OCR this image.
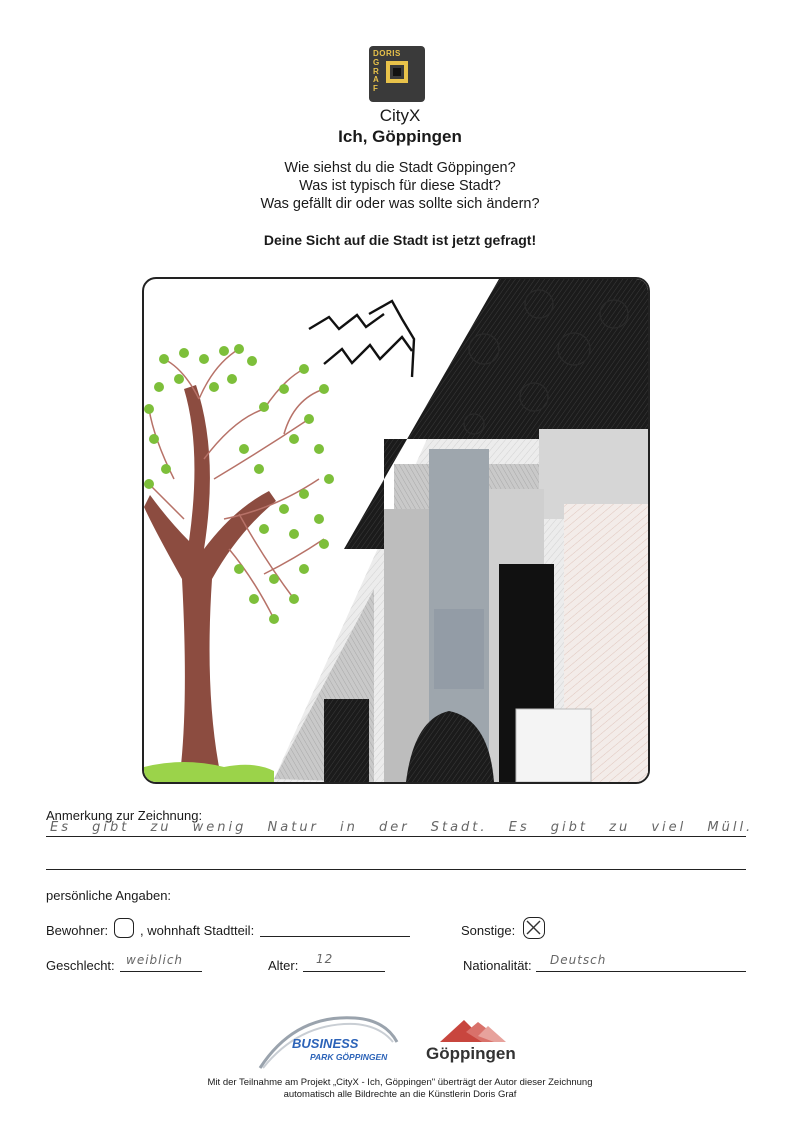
DORIS
G
R
A
F
CityX
Ich, Göppingen
Wie siehst du die Stadt Göppingen?
Was ist typisch für diese Stadt?
Was gefällt dir oder was sollte sich ändern?
Deine Sicht auf die Stadt ist jetzt gefragt!
Anmerkung zur Zeichnung:
Es gibt zu wenig Natur in der Stadt. Es gibt zu viel Müll.
persönliche Angaben:
Bewohner: , wohnhaft Stadtteil:	Sonstige:
Geschlecht: weiblich	Alter: 12	Nationalität: Deutsch
BUSINESS
PARK GÖPPINGEN Göppingen
Mit der Teilnahme am Projekt „CityX - Ich, Göppingen" überträgt der Autor dieser Zeichnung
automatisch alle Bildrechte an die Künstlerin Doris Graf
